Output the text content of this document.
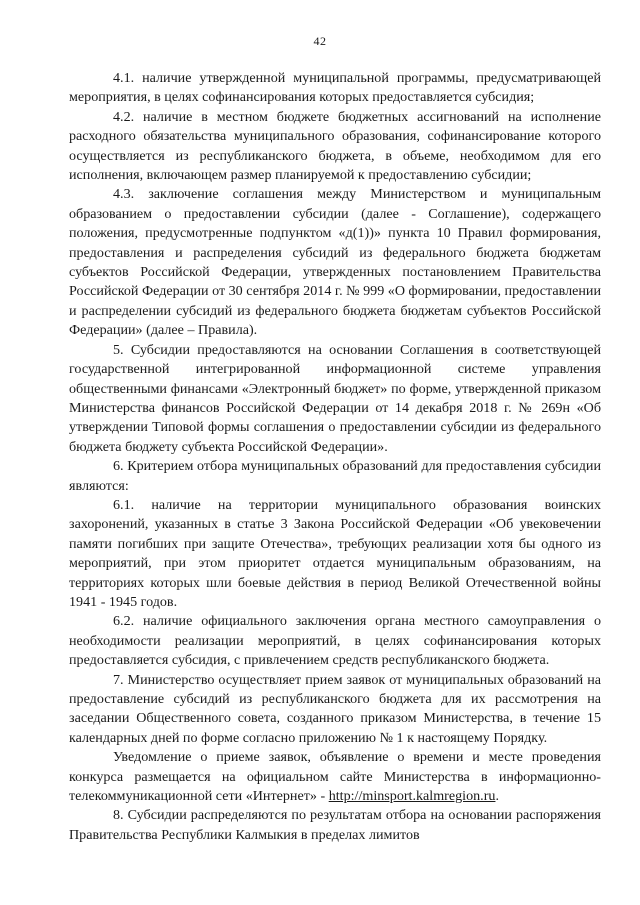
42

4.1. наличие утвержденной муниципальной программы, предусматривающей мероприятия, в целях софинансирования которых предоставляется субсидия;

4.2. наличие в местном бюджете бюджетных ассигнований на исполнение расходного обязательства муниципального образования, софинансирование которого осуществляется из республиканского бюджета, в объеме, необходимом для его исполнения, включающем размер планируемой к предоставлению субсидии;

4.3. заключение соглашения между Министерством и муниципальным образованием о предоставлении субсидии (далее - Соглашение), содержащего положения, предусмотренные подпунктом «д(1))» пункта 10 Правил формирования, предоставления и распределения субсидий из федерального бюджета бюджетам субъектов Российской Федерации, утвержденных постановлением Правительства Российской Федерации от 30 сентября 2014 г. № 999 «О формировании, предоставлении и распределении субсидий из федерального бюджета бюджетам субъектов Российской Федерации» (далее – Правила).

5. Субсидии предоставляются на основании Соглашения в соответствующей государственной интегрированной информационной системе управления общественными финансами «Электронный бюджет» по форме, утвержденной приказом Министерства финансов Российской Федерации от 14 декабря 2018 г. № 269н «Об утверждении Типовой формы соглашения о предоставлении субсидии из федерального бюджета бюджету субъекта Российской Федерации».

6. Критерием отбора муниципальных образований для предоставления субсидии являются:

6.1. наличие на территории муниципального образования воинских захоронений, указанных в статье 3 Закона Российской Федерации «Об увековечении памяти погибших при защите Отечества», требующих реализации хотя бы одного из мероприятий, при этом приоритет отдается муниципальным образованиям, на территориях которых шли боевые действия в период Великой Отечественной войны 1941 - 1945 годов.

6.2. наличие официального заключения органа местного самоуправления о необходимости реализации мероприятий, в целях софинансирования которых предоставляется субсидия, с привлечением средств республиканского бюджета.

7. Министерство осуществляет прием заявок от муниципальных образований на предоставление субсидий из республиканского бюджета для их рассмотрения на заседании Общественного совета, созданного приказом Министерства, в течение 15 календарных дней по форме согласно приложению № 1 к настоящему Порядку.

Уведомление о приеме заявок, объявление о времени и месте проведения конкурса размещается на официальном сайте Министерства в информационно-телекоммуникационной сети «Интернет» - http://minsport.kalmregion.ru.

8. Субсидии распределяются по результатам отбора на основании распоряжения Правительства Республики Калмыкия в пределах лимитов
